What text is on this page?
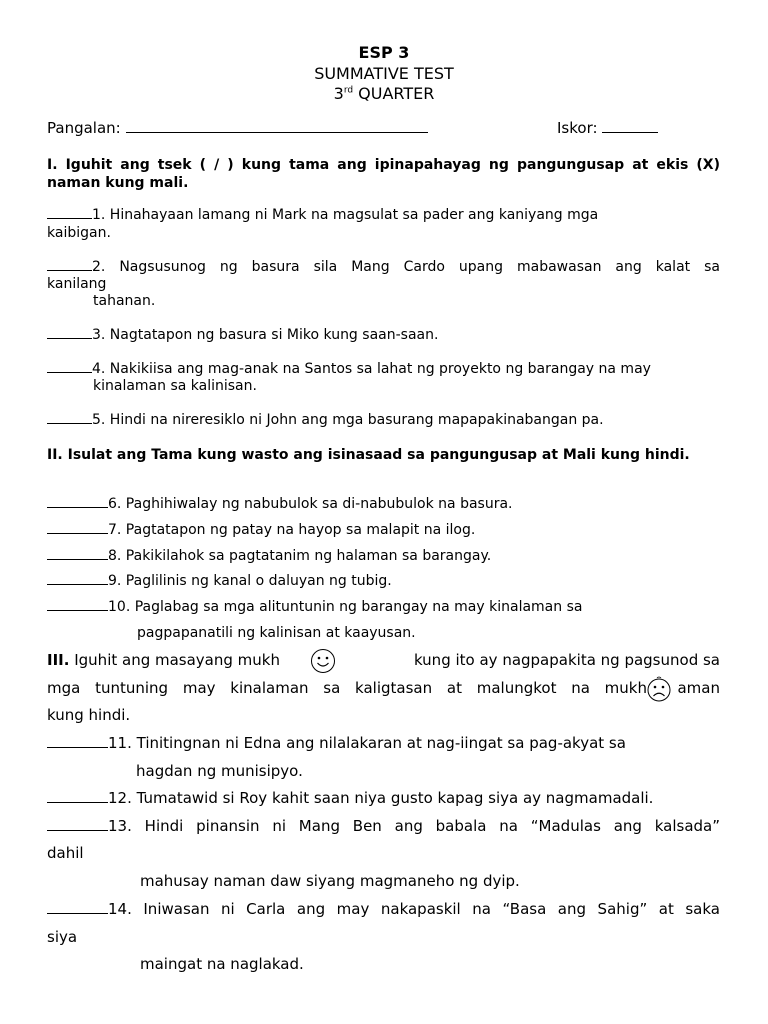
ESP 3
SUMMATIVE TEST
3rd QUARTER
Pangalan:	Iskor:
I. Iguhit ang tsek ( / ) kung tama ang ipinapahayag ng pangungusap at ekis (X) naman kung mali.
1. Hinahayaan lamang ni Mark na magsulat sa pader ang kaniyang mga
kaibigan.
2. Nagsusunog ng basura sila Mang Cardo upang mabawasan ang kalat sa
kanilang
tahanan.
3. Nagtatapon ng basura si Miko kung saan-saan.
4. Nakikiisa ang mag-anak na Santos sa lahat ng proyekto ng barangay na may
kinalaman sa kalinisan.
5. Hindi na nireresiklo ni John ang mga basurang mapapakinabangan pa.
II. Isulat ang Tama kung wasto ang isinasaad sa pangungusap at Mali kung hindi.
6. Paghihiwalay ng nabubulok sa di-nabubulok na basura.
7. Pagtatapon ng patay na hayop sa malapit na ilog.
8. Pakikilahok sa pagtatanim ng halaman sa barangay.
9. Paglilinis ng kanal o daluyan ng tubig.
10. Paglabag sa mga alituntunin ng barangay na may kinalaman sa
pagpapanatili ng kalinisan at kaayusan.
III. Iguhit ang masayang mukh	kung ito ay nagpapakita ng pagsunod sa
mga tuntuning may kinalaman sa kaligtasan at malungkot na mukh aman
kung hindi.
11. Tinitingnan ni Edna ang nilalakaran at nag-iingat sa pag-akyat sa
hagdan ng munisipyo.
12. Tumatawid si Roy kahit saan niya gusto kapag siya ay nagmamadali.
13. Hindi pinansin ni Mang Ben ang babala na “Madulas ang kalsada”
dahil
mahusay naman daw siyang magmaneho ng dyip.
14. Iniwasan ni Carla ang may nakapaskil na “Basa ang Sahig” at saka
siya
maingat na naglakad.
